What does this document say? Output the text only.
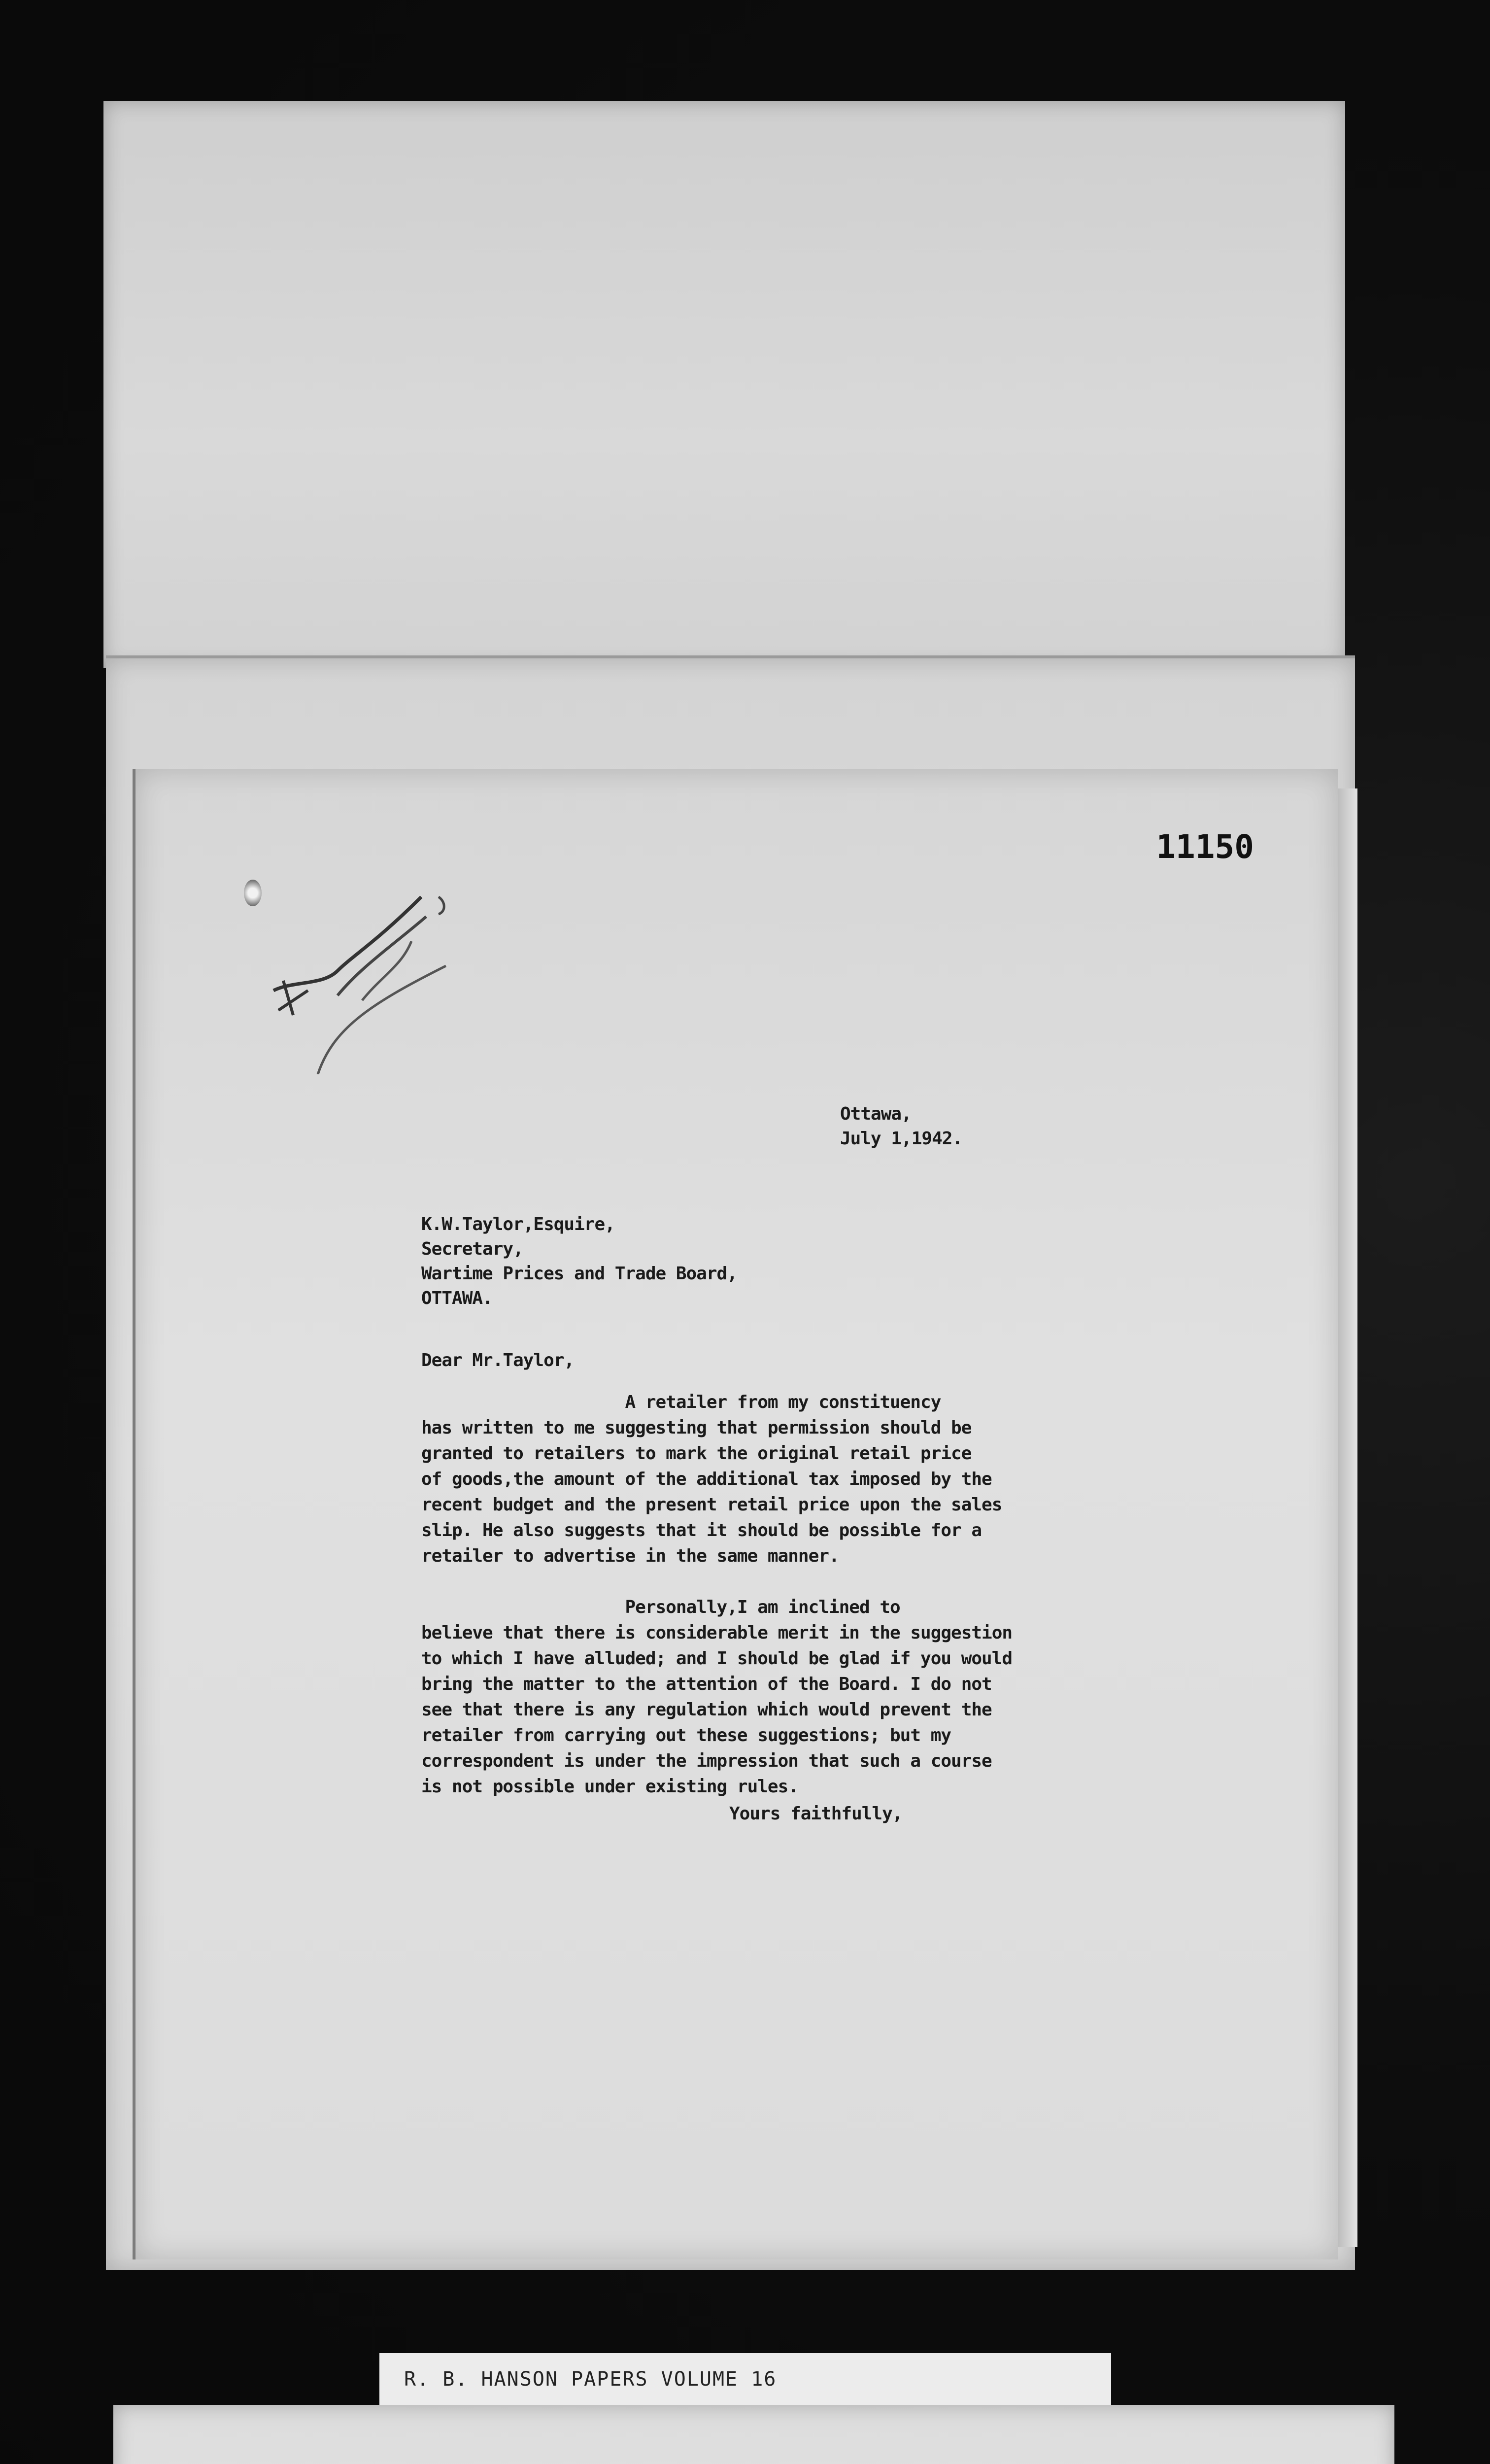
11150
Ottawa,
July 1,1942.
K.W.Taylor,Esquire,
Secretary,
Wartime Prices and Trade Board,
OTTAWA.
Dear Mr.Taylor,
A retailer from my constituency
has written to me suggesting that permission should be
granted to retailers to mark the original retail price
of goods,the amount of the additional tax imposed by the
recent budget and the present retail price upon the sales
slip. He also suggests that it should be possible for a
retailer to advertise in the same manner.

Personally,I am inclined to
believe that there is considerable merit in the suggestion
to which I have alluded; and I should be glad if you would
bring the matter to the attention of the Board. I do not
see that there is any regulation which would prevent the
retailer from carrying out these suggestions; but my
correspondent is under the impression that such a course
is not possible under existing rules.
Yours faithfully,
R. B. HANSON PAPERS VOLUME 16
